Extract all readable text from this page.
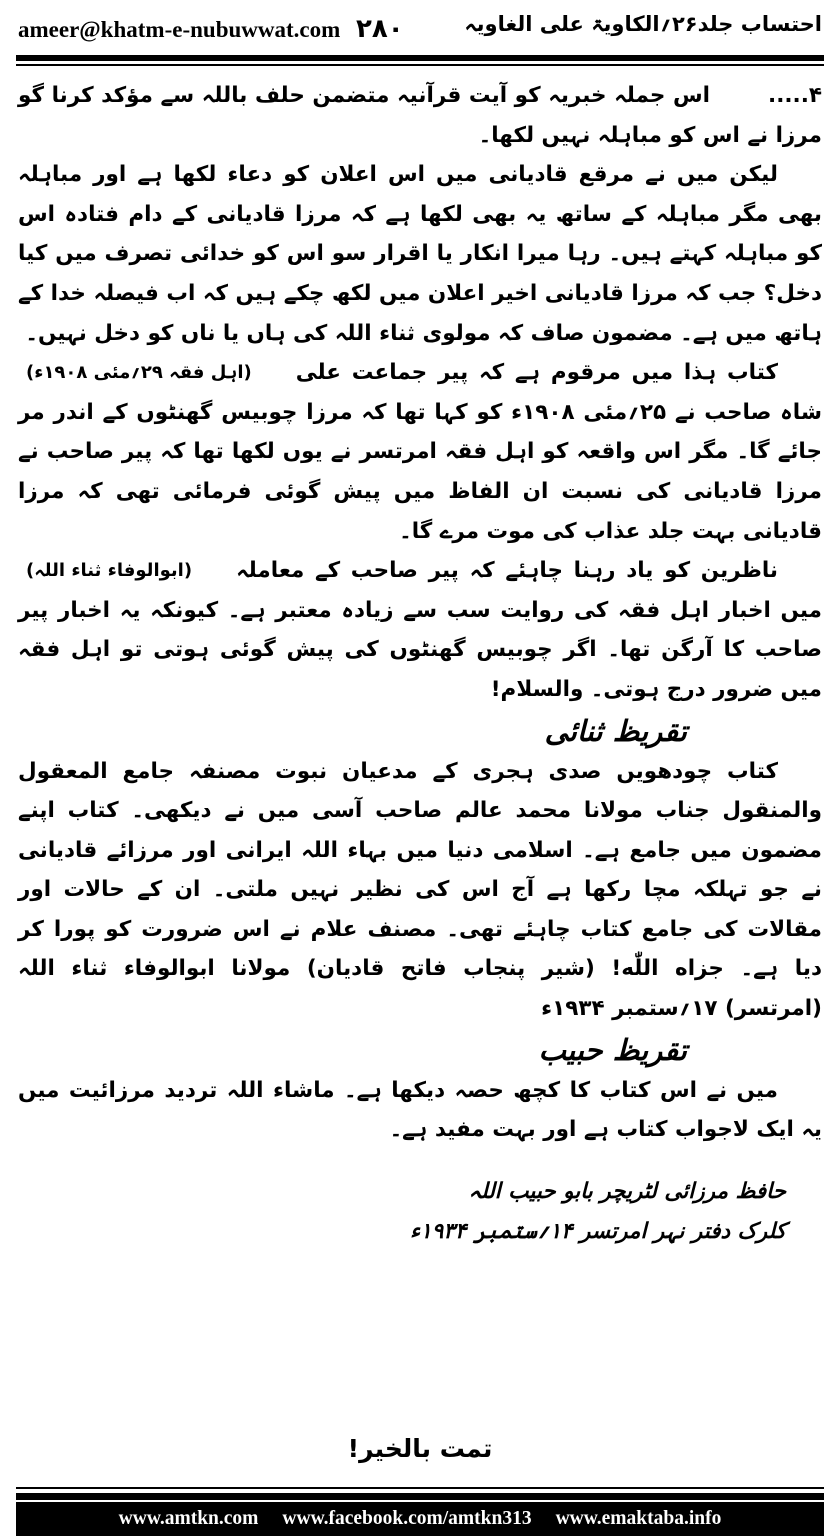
ameer@khatm-e-nubuwwat.com ۲۸۰	احتساب جلد۲۶؍الکاویۃ علی الغاویہ

۴.....اس جملہ خبریہ کو آیت قرآنیہ متضمن حلف باللہ سے مؤکد کرنا گو مرزا نے اس کو مباہلہ نہیں لکھا۔

لیکن میں نے مرقع قادیانی میں اس اعلان کو دعاء لکھا ہے اور مباہلہ بھی مگر مباہلہ کے ساتھ یہ بھی لکھا ہے کہ مرزا قادیانی کے دام فتادہ اس کو مباہلہ کہتے ہیں۔ رہا میرا انکار یا اقرار سو اس کو خدائی تصرف میں کیا دخل؟ جب کہ مرزا قادیانی اخیر اعلان میں لکھ چکے ہیں کہ اب فیصلہ خدا کے ہاتھ میں ہے۔ مضمون صاف کہ مولوی ثناء اللہ کی ہاں یا ناں کو دخل نہیں۔

(اہل فقہ ۲۹؍مئی ۱۹۰۸ء)	کتاب ہذا میں مرقوم ہے کہ پیر جماعت علی شاہ صاحب نے ۲۵؍مئی ۱۹۰۸ء کو کہا تھا کہ مرزا چوبیس گھنٹوں کے اندر مر جائے گا۔ مگر اس واقعہ کو اہل فقہ امرتسر نے یوں لکھا تھا کہ پیر صاحب نے مرزا قادیانی کی نسبت ان الفاظ میں پیش گوئی فرمائی تھی کہ مرزا قادیانی بہت جلد عذاب کی موت مرے گا۔

(ابوالوفاء ثناء اللہ)	ناظرین کو یاد رہنا چاہئے کہ پیر صاحب کے معاملہ میں اخبار اہل فقہ کی روایت سب سے زیادہ معتبر ہے۔ کیونکہ یہ اخبار پیر صاحب کا آرگن تھا۔ اگر چوبیس گھنٹوں کی پیش گوئی ہوتی تو اہل فقہ میں ضرور درج ہوتی۔ والسلام!

تقریظ ثنائی

کتاب چودھویں صدی ہجری کے مدعیان نبوت مصنفہ جامع المعقول والمنقول جناب مولانا محمد عالم صاحب آسی میں نے دیکھی۔ کتاب اپنے مضمون میں جامع ہے۔ اسلامی دنیا میں بہاء اللہ ایرانی اور مرزائے قادیانی نے جو تہلکہ مچا رکھا ہے آج اس کی نظیر نہیں ملتی۔ ان کے حالات اور مقالات کی جامع کتاب چاہئے تھی۔ مصنف علام نے اس ضرورت کو پورا کر دیا ہے۔ جزاه اللّٰه! (شیر پنجاب فاتح قادیان) مولانا ابوالوفاء ثناء اللہ (امرتسر) ۱۷؍ستمبر ۱۹۳۴ء

تقریظ حبیب

میں نے اس کتاب کا کچھ حصہ دیکھا ہے۔ ماشاء اللہ تردید مرزائیت میں یہ ایک لاجواب کتاب ہے اور بہت مفید ہے۔

حافظ مرزائی لٹریچر بابو حبیب اللہ

کلرک دفتر نہر امرتسر ۱۴؍ستمبر ۱۹۳۴ء

تمت بالخیر!
www.amtkn.com www.facebook.com/amtkn313 www.emaktaba.info
